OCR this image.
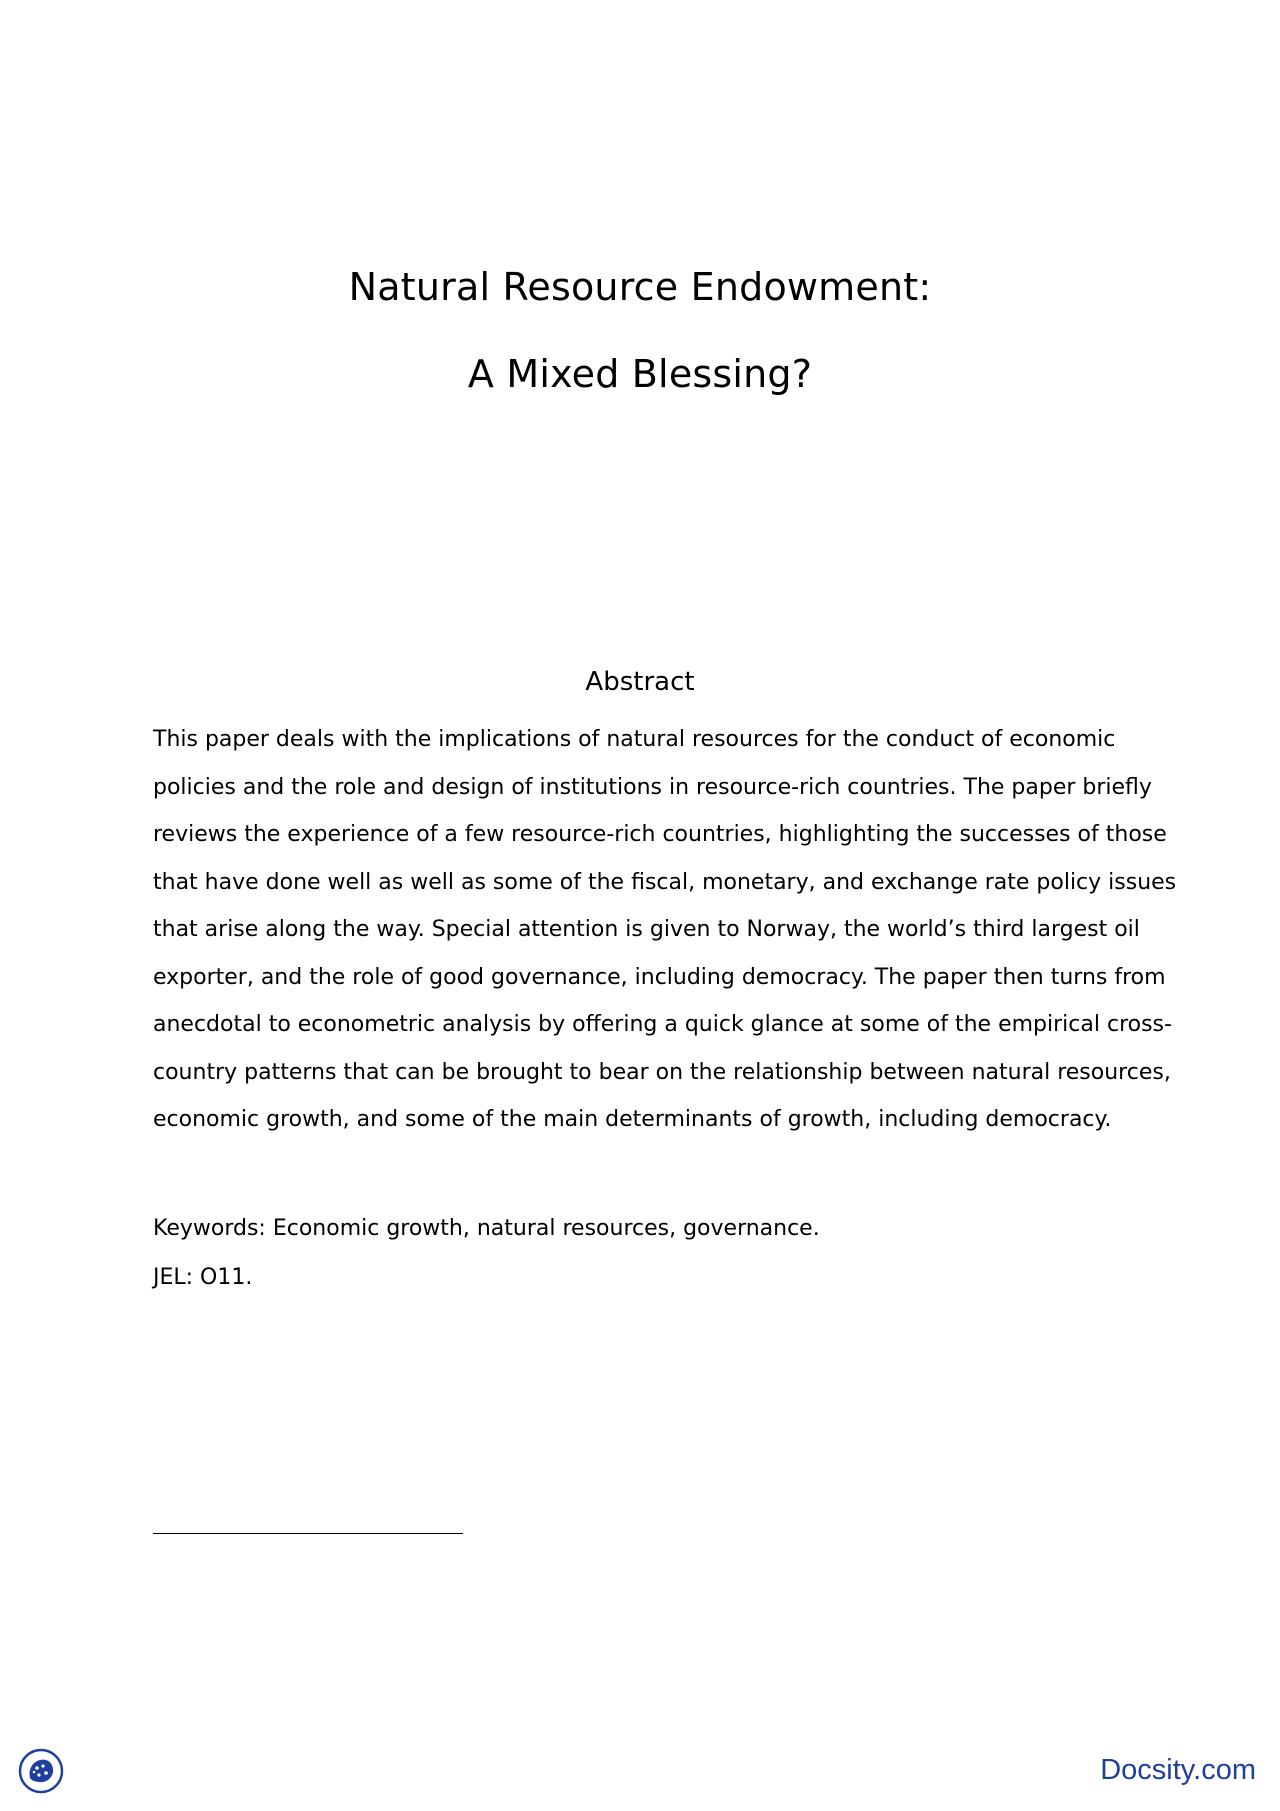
Natural Resource Endowment:
A Mixed Blessing?
Abstract
This paper deals with the implications of natural resources for the conduct of economic
policies and the role and design of institutions in resource-rich countries. The paper briefly
reviews the experience of a few resource-rich countries, highlighting the successes of those
that have done well as well as some of the fiscal, monetary, and exchange rate policy issues
that arise along the way. Special attention is given to Norway, the world’s third largest oil
exporter, and the role of good governance, including democracy. The paper then turns from
anecdotal to econometric analysis by offering a quick glance at some of the empirical cross-
country patterns that can be brought to bear on the relationship between natural resources,
economic growth, and some of the main determinants of growth, including democracy.
Keywords: Economic growth, natural resources, governance.
JEL: O11.
Docsity.com
